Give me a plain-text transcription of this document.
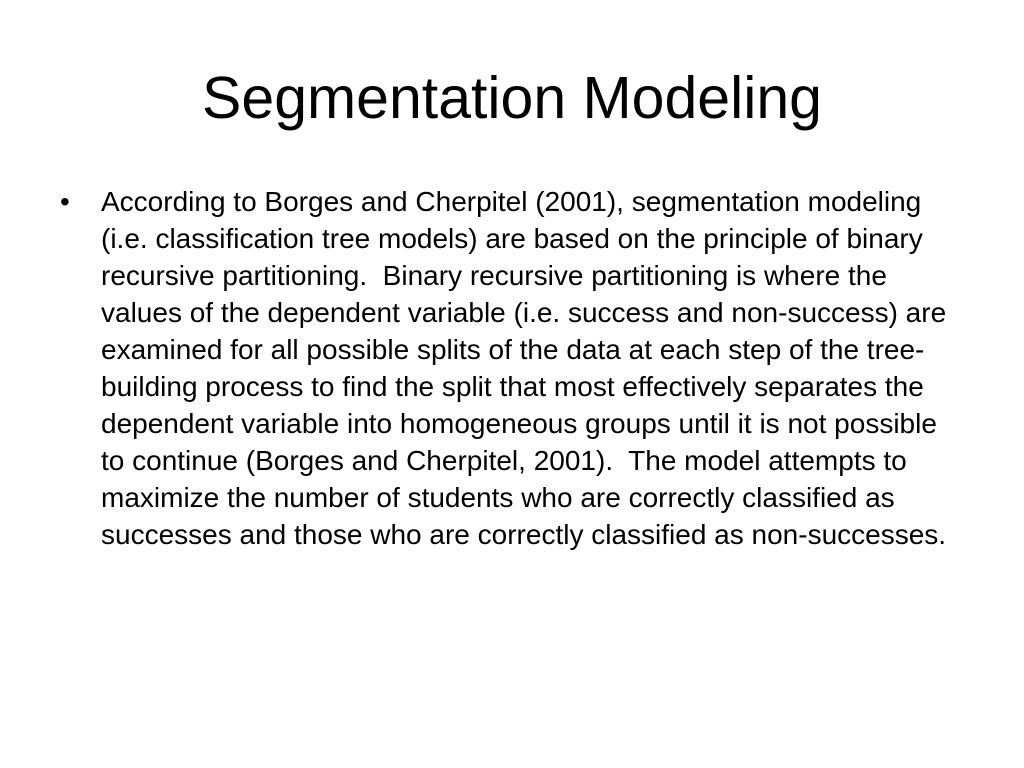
Segmentation Modeling
• According to Borges and Cherpitel (2001), segmentation modeling (i.e. classification tree models) are based on the principle of binary recursive partitioning.  Binary recursive partitioning is where the values of the dependent variable (i.e. success and non-success) are examined for all possible splits of the data at each step of the tree-building process to find the split that most effectively separates the dependent variable into homogeneous groups until it is not possible to continue (Borges and Cherpitel, 2001).  The model attempts to maximize the number of students who are correctly classified as successes and those who are correctly classified as non-successes.
